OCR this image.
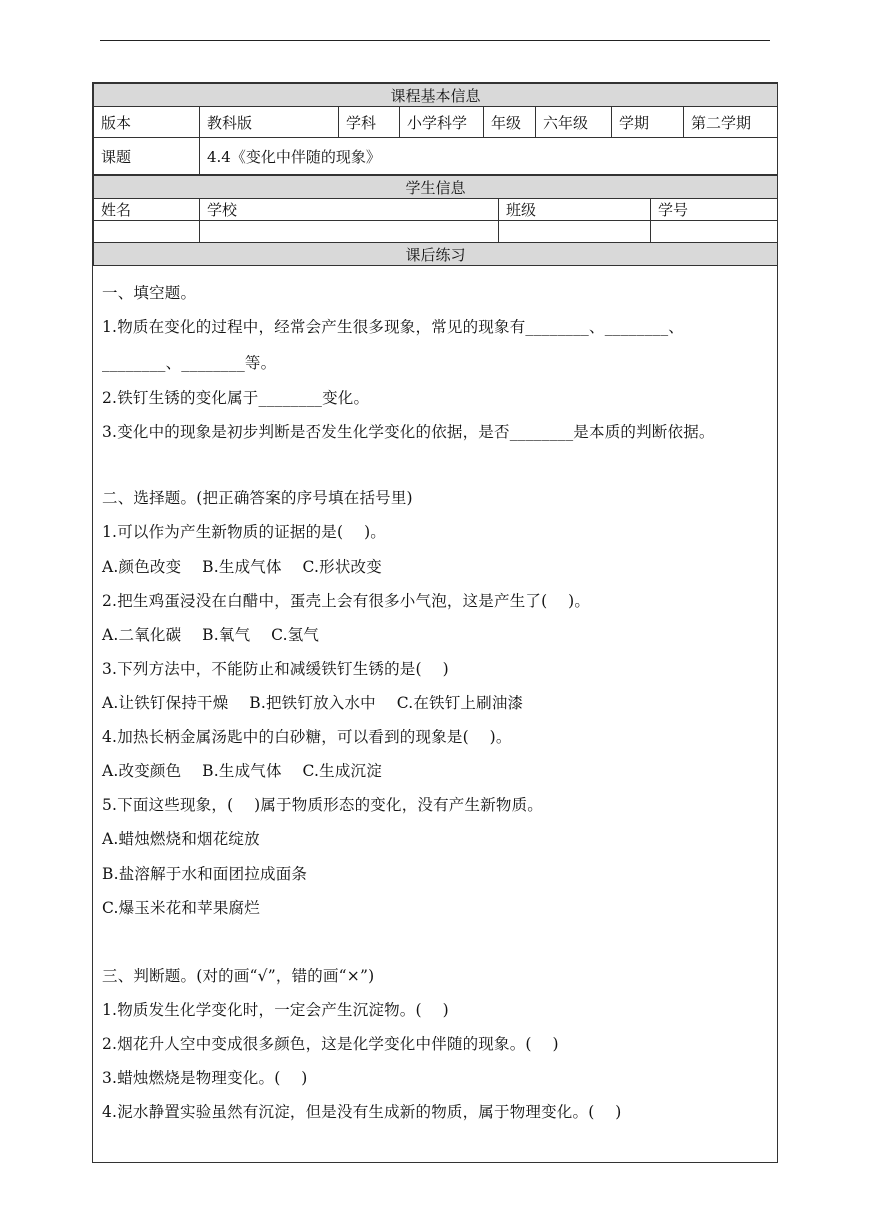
课程基本信息							
版本	教科版	学科	小学科学	年级	六年级	学期	第二学期
课题	4.4《变化中伴随的现象》						
学生信息			
姓名	学校	班级	学号

课后练习			
一、填空题。
1.物质在变化的过程中，经常会产生很多现象，常见的现象有________、________、
________、________等。
2.铁钉生锈的变化属于________变化。
3.变化中的现象是初步判断是否发生化学变化的依据，是否________是本质的判断依据。
二、选择题。(把正确答案的序号填在括号里)
1.可以作为产生新物质的证据的是(　 )。
A.颜色改变　 B.生成气体　 C.形状改变
2.把生鸡蛋浸没在白醋中，蛋壳上会有很多小气泡，这是产生了(　 )。
A.二氧化碳　 B.氧气　 C.氢气
3.下列方法中，不能防止和减缓铁钉生锈的是(　 )
A.让铁钉保持干燥　 B.把铁钉放入水中　 C.在铁钉上刷油漆
4.加热长柄金属汤匙中的白砂糖，可以看到的现象是(　 )。
A.改变颜色　 B.生成气体　 C.生成沉淀
5.下面这些现象，(　 )属于物质形态的变化，没有产生新物质。
A.蜡烛燃烧和烟花绽放
B.盐溶解于水和面团拉成面条
C.爆玉米花和苹果腐烂
三、判断题。(对的画“√”，错的画“×”)
1.物质发生化学变化时，一定会产生沉淀物。(　 )
2.烟花升人空中变成很多颜色，这是化学变化中伴随的现象。(　 )
3.蜡烛燃烧是物理变化。(　 )
4.泥水静置实验虽然有沉淀，但是没有生成新的物质，属于物理变化。(　 )
